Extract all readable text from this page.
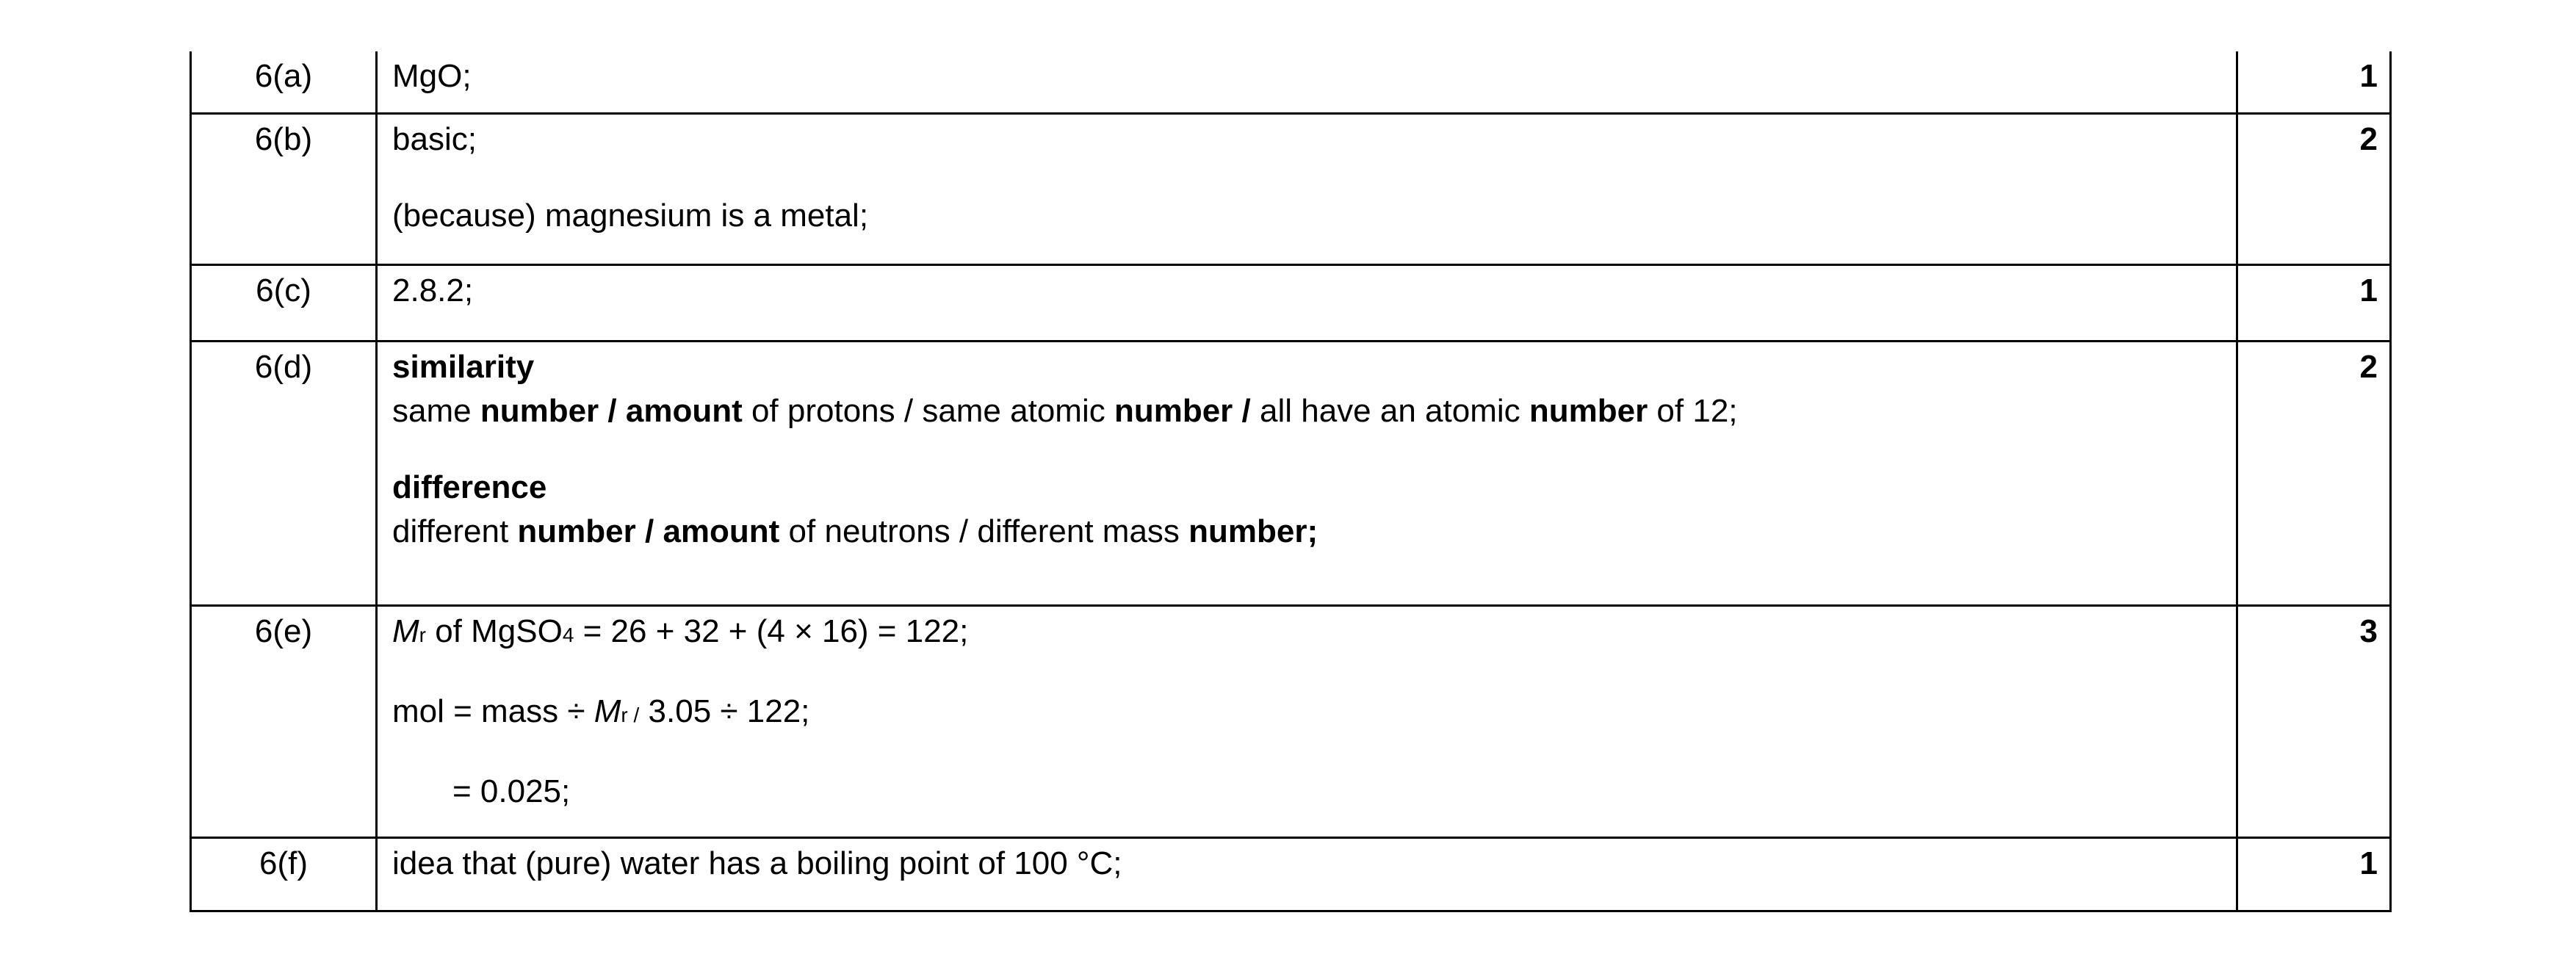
6(a)	MgO;	1
6(b)	basic;
(because) magnesium is a metal;	2
6(c)	2.8.2;	1
6(d)	similarity
same number / amount of protons / same atomic number / all have an atomic number of 12;
difference
different number / amount of neutrons / different mass number;	2
6(e)	Mr of MgSO4 = 26 + 32 + (4 × 16) = 122;
mol = mass ÷ Mr / 3.05 ÷ 122;
= 0.025;	3
6(f)	idea that (pure) water has a boiling point of 100 °C;	1
